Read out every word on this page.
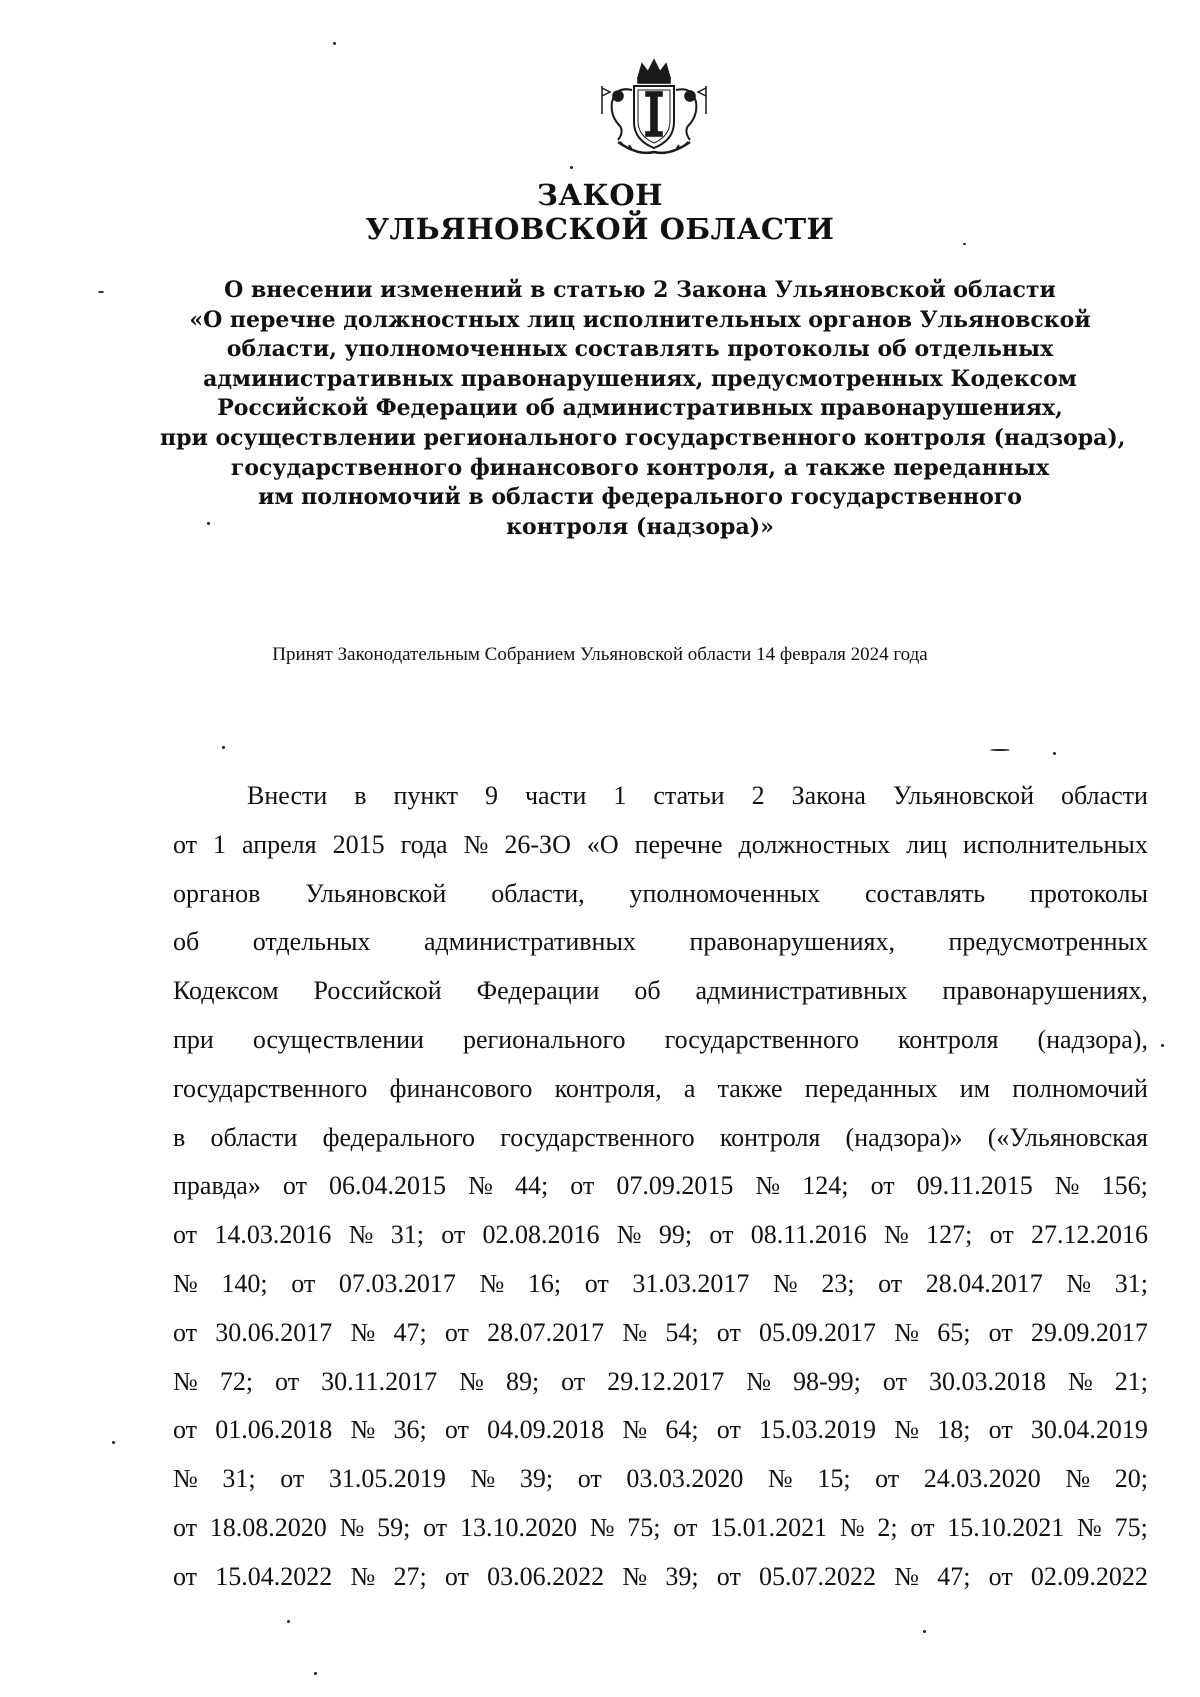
ЗАКОН
УЛЬЯНОВСКОЙ ОБЛАСТИ
О внесении изменений в статью 2 Закона Ульяновской области
«О перечне должностных лиц исполнительных органов Ульяновской
области, уполномоченных составлять протоколы об отдельных
административных правонарушениях, предусмотренных Кодексом
Российской Федерации об административных правонарушениях,
при осуществлении регионального государственного контроля (надзора),
государственного финансового контроля, а также переданных
им полномочий в области федерального государственного
контроля (надзора)»
Принят Законодательным Собранием Ульяновской области 14 февраля 2024 года
Внести в пункт 9 части 1 статьи 2 Закона Ульяновской области
от 1 апреля 2015 года № 26-ЗО «О перечне должностных лиц исполнительных
органов Ульяновской области, уполномоченных составлять протоколы
об отдельных административных правонарушениях, предусмотренных
Кодексом Российской Федерации об административных правонарушениях,
при осуществлении регионального государственного контроля (надзора),
государственного финансового контроля, а также переданных им полномочий
в области федерального государственного контроля (надзора)» («Ульяновская
правда» от 06.04.2015 № 44; от 07.09.2015 № 124; от 09.11.2015 № 156;
от 14.03.2016 № 31; от 02.08.2016 № 99; от 08.11.2016 № 127; от 27.12.2016
№ 140; от 07.03.2017 № 16; от 31.03.2017 № 23; от 28.04.2017 № 31;
от 30.06.2017 № 47; от 28.07.2017 № 54; от 05.09.2017 № 65; от 29.09.2017
№ 72; от 30.11.2017 № 89; от 29.12.2017 № 98-99; от 30.03.2018 № 21;
от 01.06.2018 № 36; от 04.09.2018 № 64; от 15.03.2019 № 18; от 30.04.2019
№ 31; от 31.05.2019 № 39; от 03.03.2020 № 15; от 24.03.2020 № 20;
от 18.08.2020 № 59; от 13.10.2020 № 75; от 15.01.2021 № 2; от 15.10.2021 № 75;
от 15.04.2022 № 27; от 03.06.2022 № 39; от 05.07.2022 № 47; от 02.09.2022
